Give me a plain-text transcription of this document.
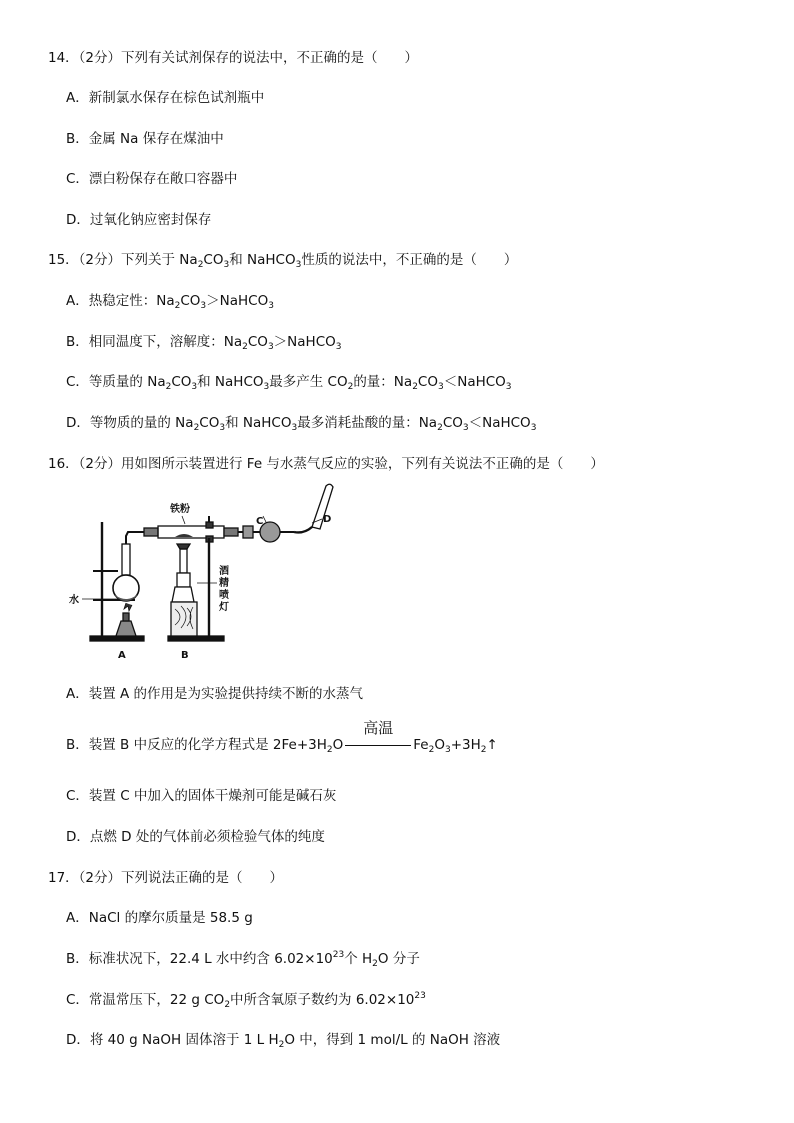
14．（2分）下列有关试剂保存的说法中，不正确的是（　　）
A．新制氯水保存在棕色试剂瓶中
B．金属 Na 保存在煤油中
C．漂白粉保存在敞口容器中
D．过氧化钠应密封保存
15．（2分）下列关于 $Na_2CO_3$和 NaHCO$_3$性质的说法中，不正确的是（　　）
A．热稳定性：$Na_2CO_3>NaHCO_3$
B．相同温度下，溶解度：$Na_2CO_3>NaHCO_3$
C．等质量的 $Na_2CO_3$和 NaHCO$_3$最多产生 $CO_2$的量：$Na_2CO_3<NaHCO_3$
D．等物质的量的 $Na_2CO_3$和 NaHCO$_3$最多消耗盐酸的量：$Na_2CO_3<NaHCO_3$
16．（2分）用如图所示装置进行 Fe 与水蒸气反应的实验，下列有关说法不正确的是（　　）
铁粉
水
酒
精
喷
灯
A	B
C	D
A．装置 A 的作用是为实验提供持续不断的水蒸气
B．装置 B 中反应的化学方程式是 $2Fe+3H_2O$
高温
$Fe_2O_3+3H_2↑$
C．装置 C 中加入的固体干燥剂可能是碱石灰
D．点燃 D 处的气体前必须检验气体的纯度
17．（2分）下列说法正确的是（　　）
A．NaCl 的摩尔质量是 58.5 g
B．标准状况下，22.4 L 水中约含 $6.02\times 10^{23}$个 $H_2O$ 分子
C．常温常压下，22 g $CO_2$中所含氧原子数约为 $6.02\times 10^{23}$
D．将 40 g NaOH 固体溶于 1 L $H_2O$ 中，得到 1 mol/L 的 NaOH 溶液
